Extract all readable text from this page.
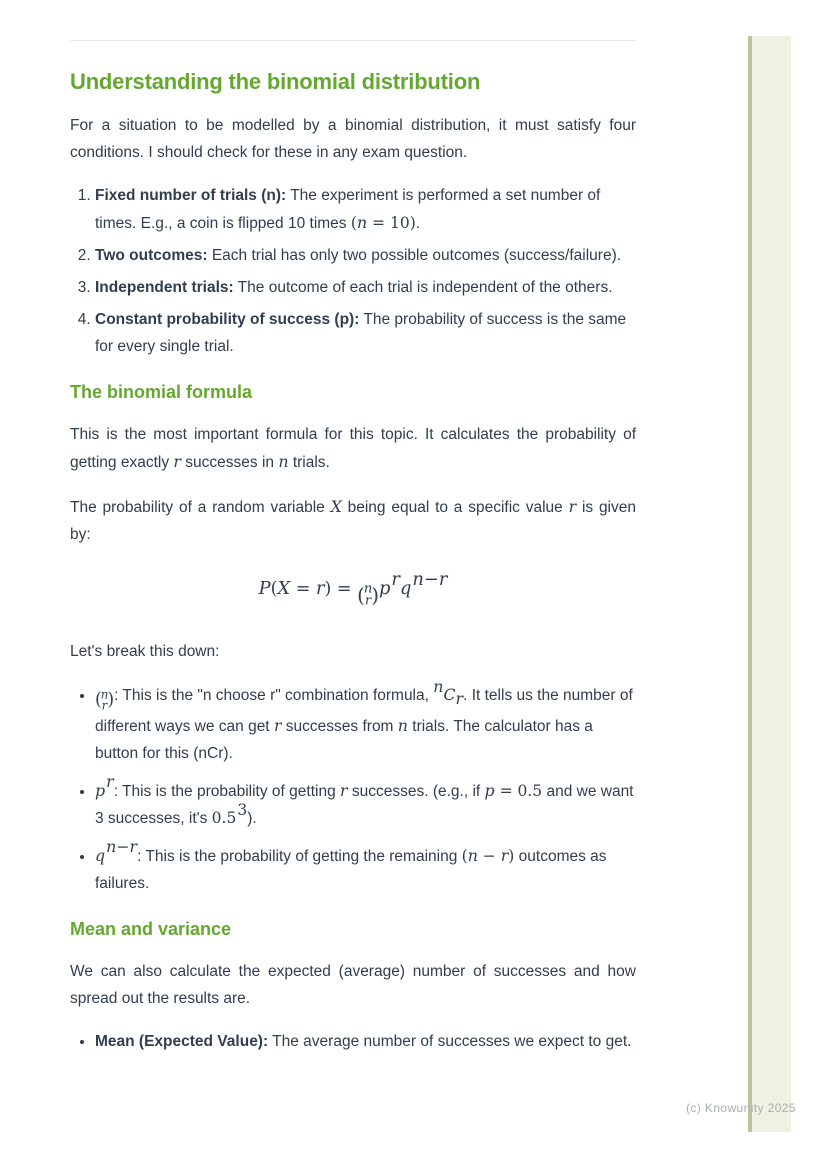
(c) Knowunity 2025
Understanding the binomial distribution

For a situation to be modelled by a binomial distribution, it must satisfy four conditions. I should check for these in any exam question.

1. Fixed number of trials (n): The experiment is performed a set number of times. E.g., a coin is flipped 10 times (n = 10).
2. Two outcomes: Each trial has only two possible outcomes (success/failure).
3. Independent trials: The outcome of each trial is independent of the others.
4. Constant probability of success (p): The probability of success is the same for every single trial.
The binomial formula

This is the most important formula for this topic. It calculates the probability of getting exactly r successes in n trials.

The probability of a random variable X being equal to a specific value r is given by:

P(X = r) = ( n
r ) $p^rq^{n-r}$

Let's break this down:

• ( n
r ) : This is the "n choose r" combination formula, $^nC_r$. It tells us the number of different ways we can get r successes from n trials. The calculator has a button for this (nCr).
• $p^r$: This is the probability of getting r successes. (e.g., if p = 0.5 and we want 3 successes, it's $0.5^3$).
• $q^{n-r}$: This is the probability of getting the remaining (n − r) outcomes as failures.
Mean and variance

We can also calculate the expected (average) number of successes and how spread out the results are.

• Mean (Expected Value): The average number of successes we expect to get.
